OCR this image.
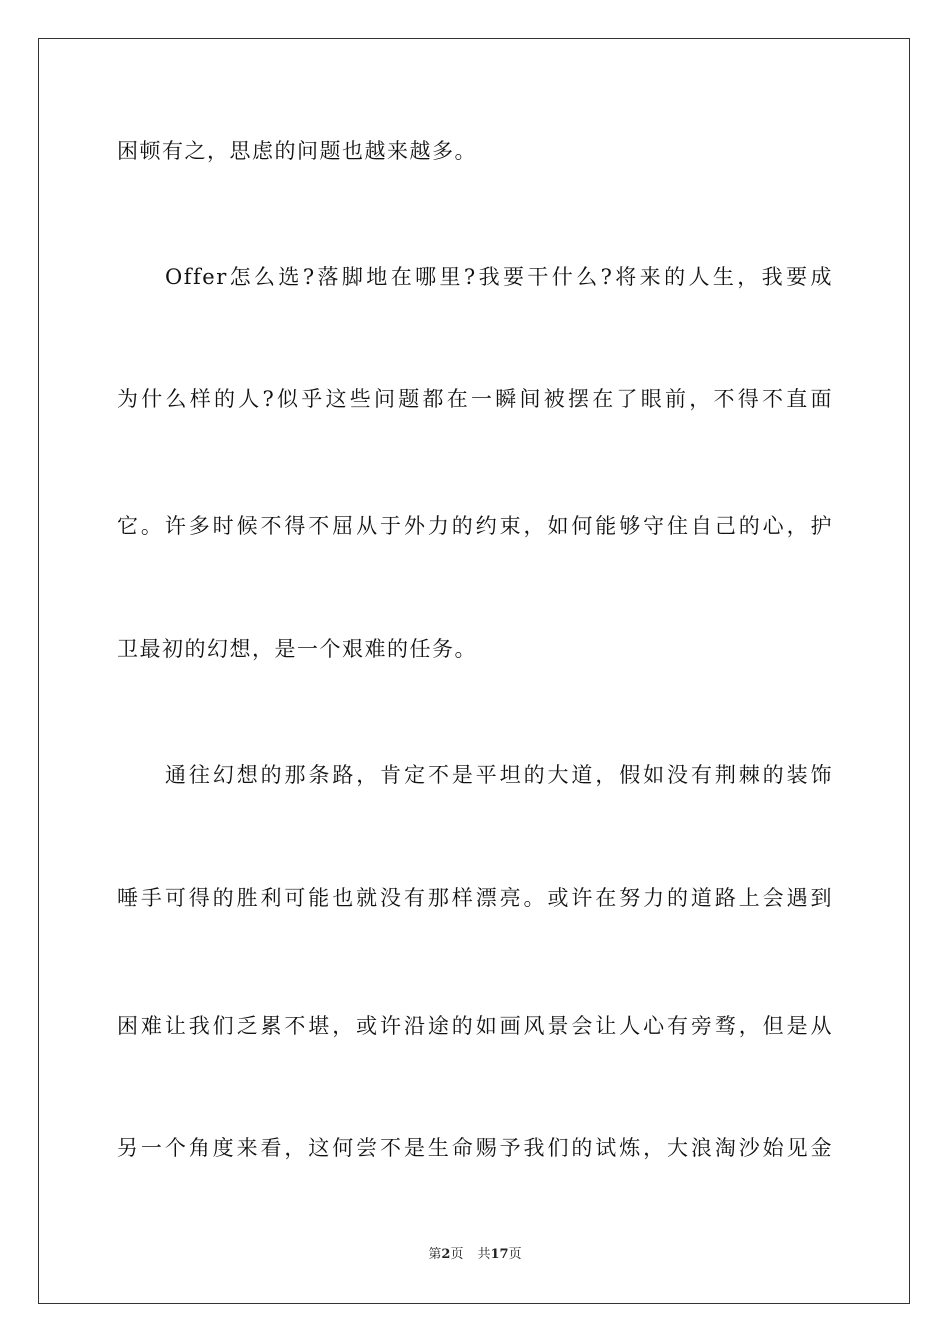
困顿有之，思虑的问题也越来越多。
Offer怎么选?落脚地在哪里?我要干什么?将来的人生，我要成
为什么样的人?似乎这些问题都在一瞬间被摆在了眼前，不得不直面
它。许多时候不得不屈从于外力的约束，如何能够守住自己的心，护
卫最初的幻想，是一个艰难的任务。
通往幻想的那条路，肯定不是平坦的大道，假如没有荆棘的装饰
唾手可得的胜利可能也就没有那样漂亮。或许在努力的道路上会遇到
困难让我们乏累不堪，或许沿途的如画风景会让人心有旁骛，但是从
另一个角度来看，这何尝不是生命赐予我们的试炼，大浪淘沙始见金
第2页 共17页
